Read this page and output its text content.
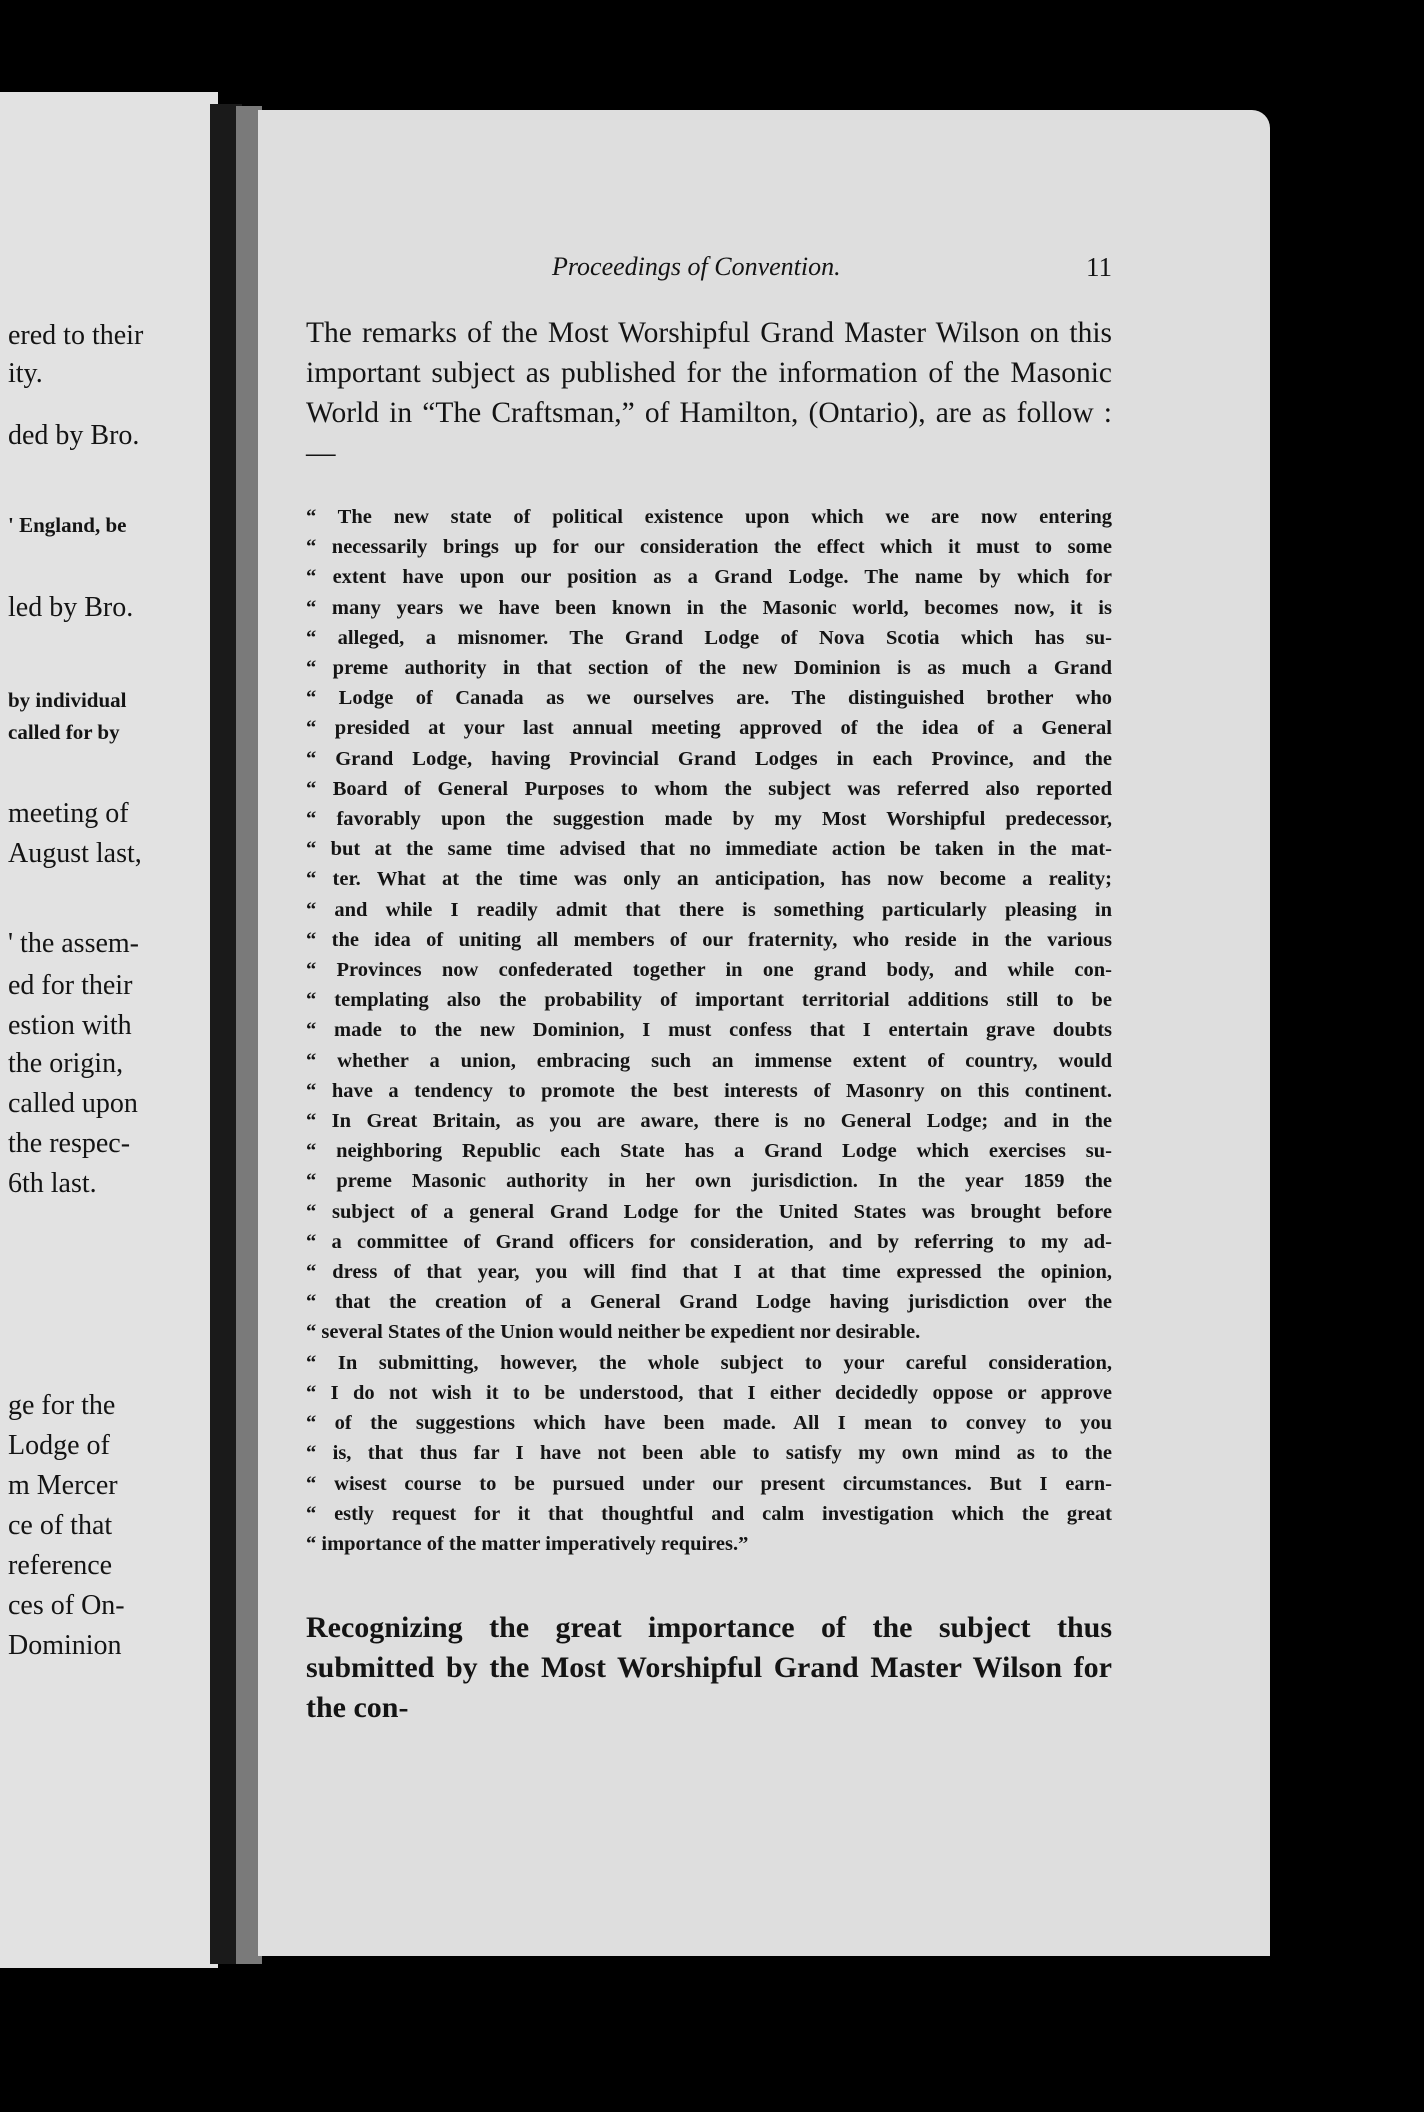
ered to their
ity.
ded by Bro.
' England, be
led by Bro.
by individual
called for by
meeting of
August last,
' the assem-
ed for their
estion with
the origin,
called upon
the respec-
6th last.
ge for the
Lodge of
m Mercer
ce of that
reference
ces of On-
Dominion
Proceedings of Convention.	11

The remarks of the Most Worshipful Grand Master Wilson on this important subject as published for the information of the Masonic World in “The Craftsman,” of Hamilton, (Ontario), are as follow :—

“ The new state of political existence upon which we are now entering
“ necessarily brings up for our consideration the effect which it must to some
“ extent have upon our position as a Grand Lodge. The name by which for
“ many years we have been known in the Masonic world, becomes now, it is
“ alleged, a misnomer. The Grand Lodge of Nova Scotia which has su-
“ preme authority in that section of the new Dominion is as much a Grand
“ Lodge of Canada as we ourselves are. The distinguished brother who
“ presided at your last annual meeting approved of the idea of a General
“ Grand Lodge, having Provincial Grand Lodges in each Province, and the
“ Board of General Purposes to whom the subject was referred also reported
“ favorably upon the suggestion made by my Most Worshipful predecessor,
“ but at the same time advised that no immediate action be taken in the mat-
“ ter. What at the time was only an anticipation, has now become a reality;
“ and while I readily admit that there is something particularly pleasing in
“ the idea of uniting all members of our fraternity, who reside in the various
“ Provinces now confederated together in one grand body, and while con-
“ templating also the probability of important territorial additions still to be
“ made to the new Dominion, I must confess that I entertain grave doubts
“ whether a union, embracing such an immense extent of country, would
“ have a tendency to promote the best interests of Masonry on this continent.
“ In Great Britain, as you are aware, there is no General Lodge; and in the
“ neighboring Republic each State has a Grand Lodge which exercises su-
“ preme Masonic authority in her own jurisdiction. In the year 1859 the
“ subject of a general Grand Lodge for the United States was brought before
“ a committee of Grand officers for consideration, and by referring to my ad-
“ dress of that year, you will find that I at that time expressed the opinion,
“ that the creation of a General Grand Lodge having jurisdiction over the
“ several States of the Union would neither be expedient nor desirable.
“ In submitting, however, the whole subject to your careful consideration,
“ I do not wish it to be understood, that I either decidedly oppose or approve
“ of the suggestions which have been made. All I mean to convey to you
“ is, that thus far I have not been able to satisfy my own mind as to the
“ wisest course to be pursued under our present circumstances. But I earn-
“ estly request for it that thoughtful and calm investigation which the great
“ importance of the matter imperatively requires.”

Recognizing the great importance of the subject thus submitted by the Most Worshipful Grand Master Wilson for the con-
